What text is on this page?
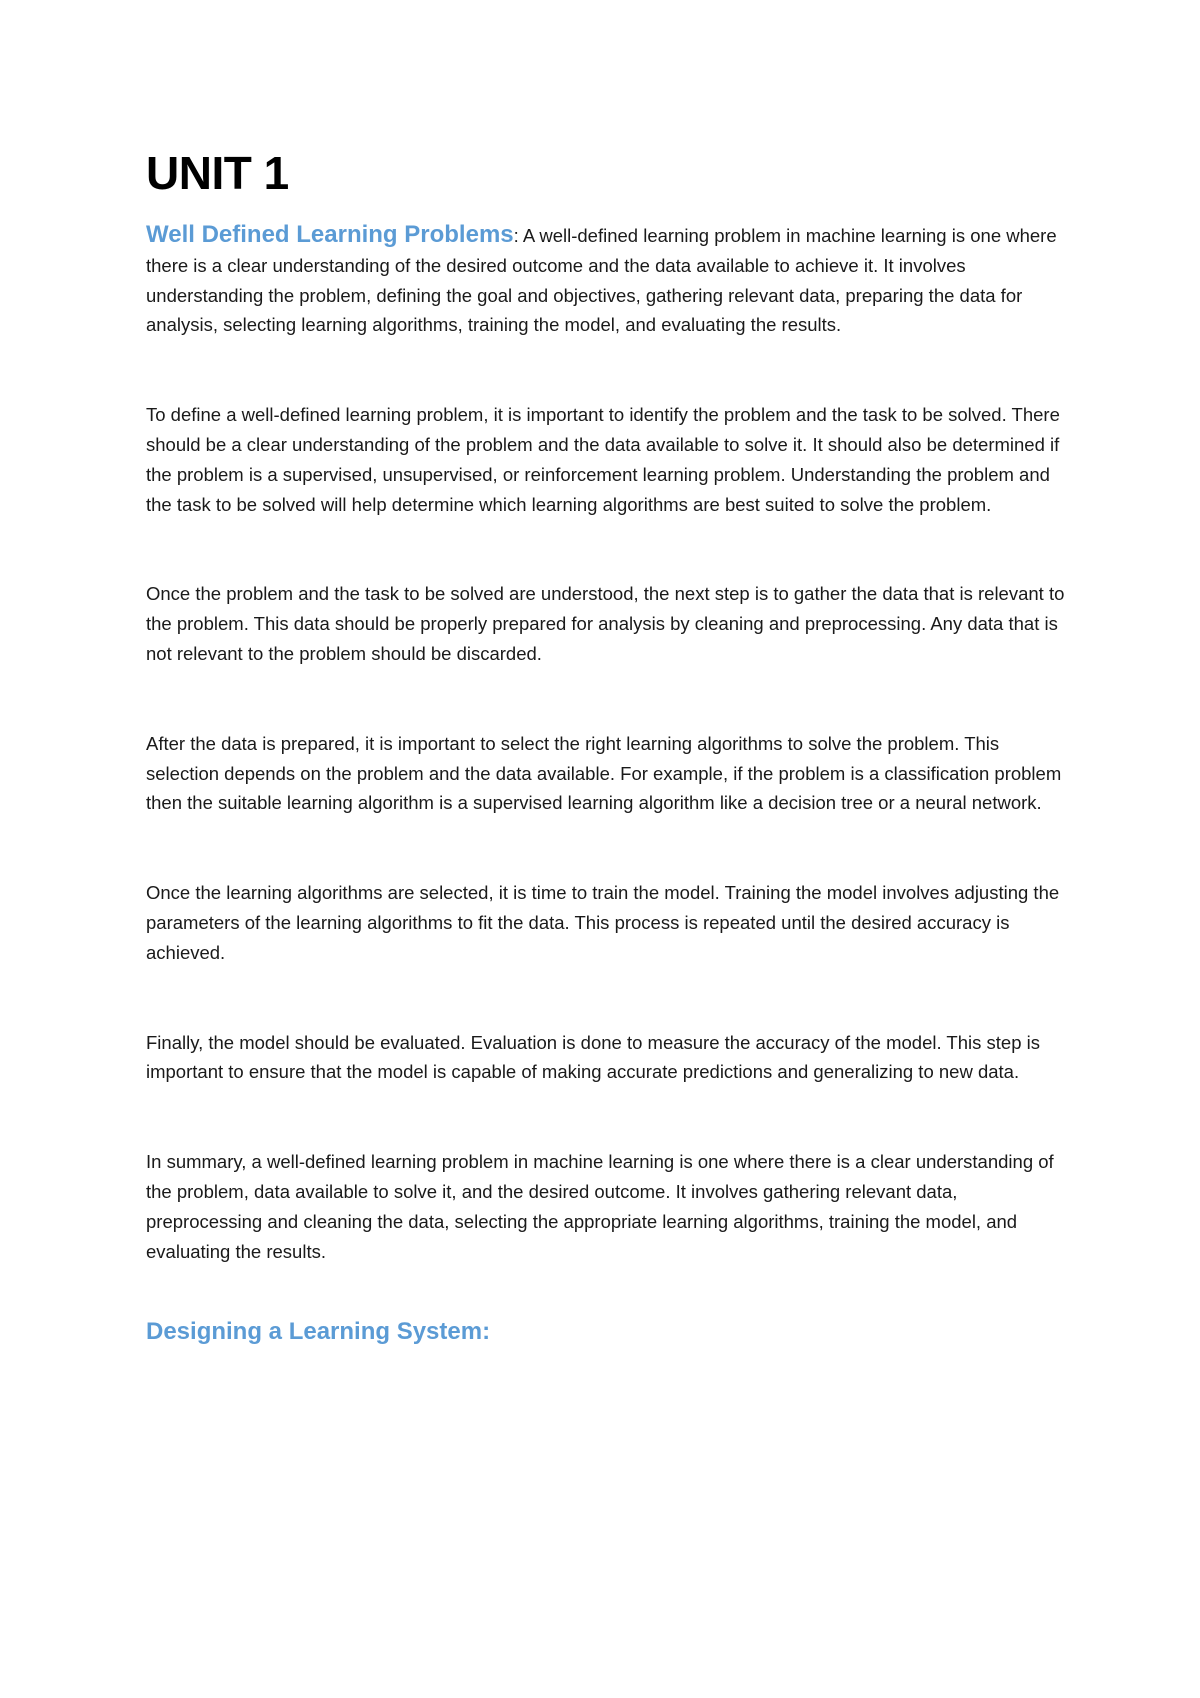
UNIT 1

Well Defined Learning Problems: A well-defined learning problem in machine learning is one where there is a clear understanding of the desired outcome and the data available to achieve it. It involves understanding the problem, defining the goal and objectives, gathering relevant data, preparing the data for analysis, selecting learning algorithms, training the model, and evaluating the results.

To define a well-defined learning problem, it is important to identify the problem and the task to be solved. There should be a clear understanding of the problem and the data available to solve it. It should also be determined if the problem is a supervised, unsupervised, or reinforcement learning problem. Understanding the problem and the task to be solved will help determine which learning algorithms are best suited to solve the problem.

Once the problem and the task to be solved are understood, the next step is to gather the data that is relevant to the problem. This data should be properly prepared for analysis by cleaning and preprocessing. Any data that is not relevant to the problem should be discarded.

After the data is prepared, it is important to select the right learning algorithms to solve the problem. This selection depends on the problem and the data available. For example, if the problem is a classification problem then the suitable learning algorithm is a supervised learning algorithm like a decision tree or a neural network.

Once the learning algorithms are selected, it is time to train the model. Training the model involves adjusting the parameters of the learning algorithms to fit the data. This process is repeated until the desired accuracy is achieved.

Finally, the model should be evaluated. Evaluation is done to measure the accuracy of the model. This step is important to ensure that the model is capable of making accurate predictions and generalizing to new data.

In summary, a well-defined learning problem in machine learning is one where there is a clear understanding of the problem, data available to solve it, and the desired outcome. It involves gathering relevant data, preprocessing and cleaning the data, selecting the appropriate learning algorithms, training the model, and evaluating the results.

Designing a Learning System:
